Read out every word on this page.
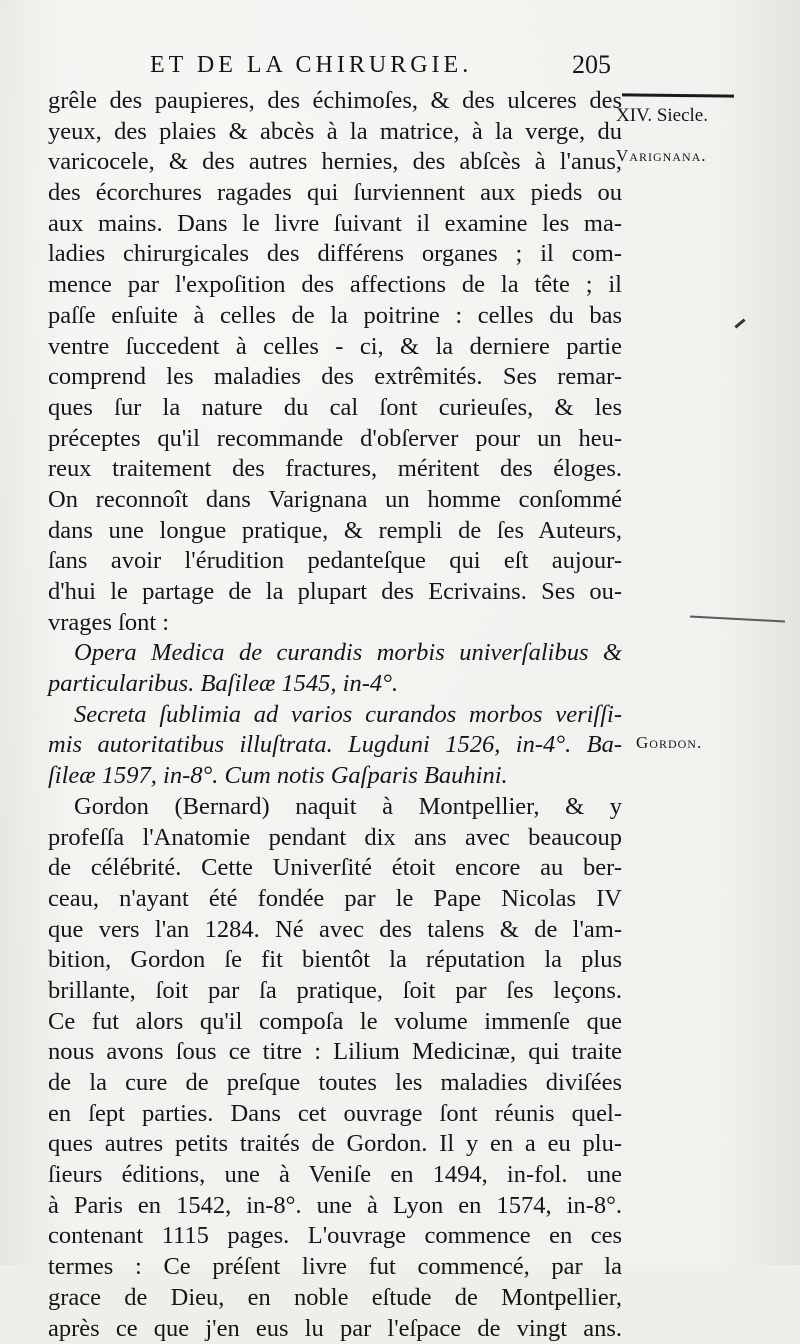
ET DE LA CHIRURGIE.	205
XIV. Siecle.
Varignana.
Gordon.
grêle des paupieres, des échimoſes, & des ulceres des
yeux, des plaies & abcès à la matrice, à la verge, du
varicocele, & des autres hernies, des abſcès à l'anus,
des écorchures ragades qui ſurviennent aux pieds ou
aux mains. Dans le livre ſuivant il examine les ma-
ladies chirurgicales des différens organes ; il com-
mence par l'expoſition des affections de la tête ; il
paſſe enſuite à celles de la poitrine : celles du bas
ventre ſuccedent à celles - ci, & la derniere partie
comprend les maladies des extrêmités. Ses remar-
ques ſur la nature du cal ſont curieuſes, & les
préceptes qu'il recommande d'obſerver pour un heu-
reux traitement des fractures, méritent des éloges.
On reconnoît dans Varignana un homme conſommé
dans une longue pratique, & rempli de ſes Auteurs,
ſans avoir l'érudition pedanteſque qui eſt aujour-
d'hui le partage de la plupart des Ecrivains. Ses ou-
vrages ſont :
Opera Medica de curandis morbis univerſalibus &
particularibus. Baſileæ 1545, in-4°.
Secreta ſublimia ad varios curandos morbos veriſſi-
mis autoritatibus illuſtrata. Lugduni 1526, in-4°. Ba-
ſileæ 1597, in-8°. Cum notis Gaſparis Bauhini.
Gordon (Bernard) naquit à Montpellier, & y
profeſſa l'Anatomie pendant dix ans avec beaucoup
de célébrité. Cette Univerſité étoit encore au ber-
ceau, n'ayant été fondée par le Pape Nicolas IV
que vers l'an 1284. Né avec des talens & de l'am-
bition, Gordon ſe fit bientôt la réputation la plus
brillante, ſoit par ſa pratique, ſoit par ſes leçons.
Ce fut alors qu'il compoſa le volume immenſe que
nous avons ſous ce titre : Lilium Medicinæ, qui traite
de la cure de preſque toutes les maladies diviſées
en ſept parties. Dans cet ouvrage ſont réunis quel-
ques autres petits traités de Gordon. Il y en a eu plu-
ſieurs éditions, une à Veniſe en 1494, in-fol. une
à Paris en 1542, in-8°. une à Lyon en 1574, in-8°.
contenant 1115 pages. L'ouvrage commence en ces
termes : Ce préſent livre fut commencé, par la
grace de Dieu, en noble eſtude de Montpellier,
après ce que j'en eus lu par l'eſpace de vingt ans.
